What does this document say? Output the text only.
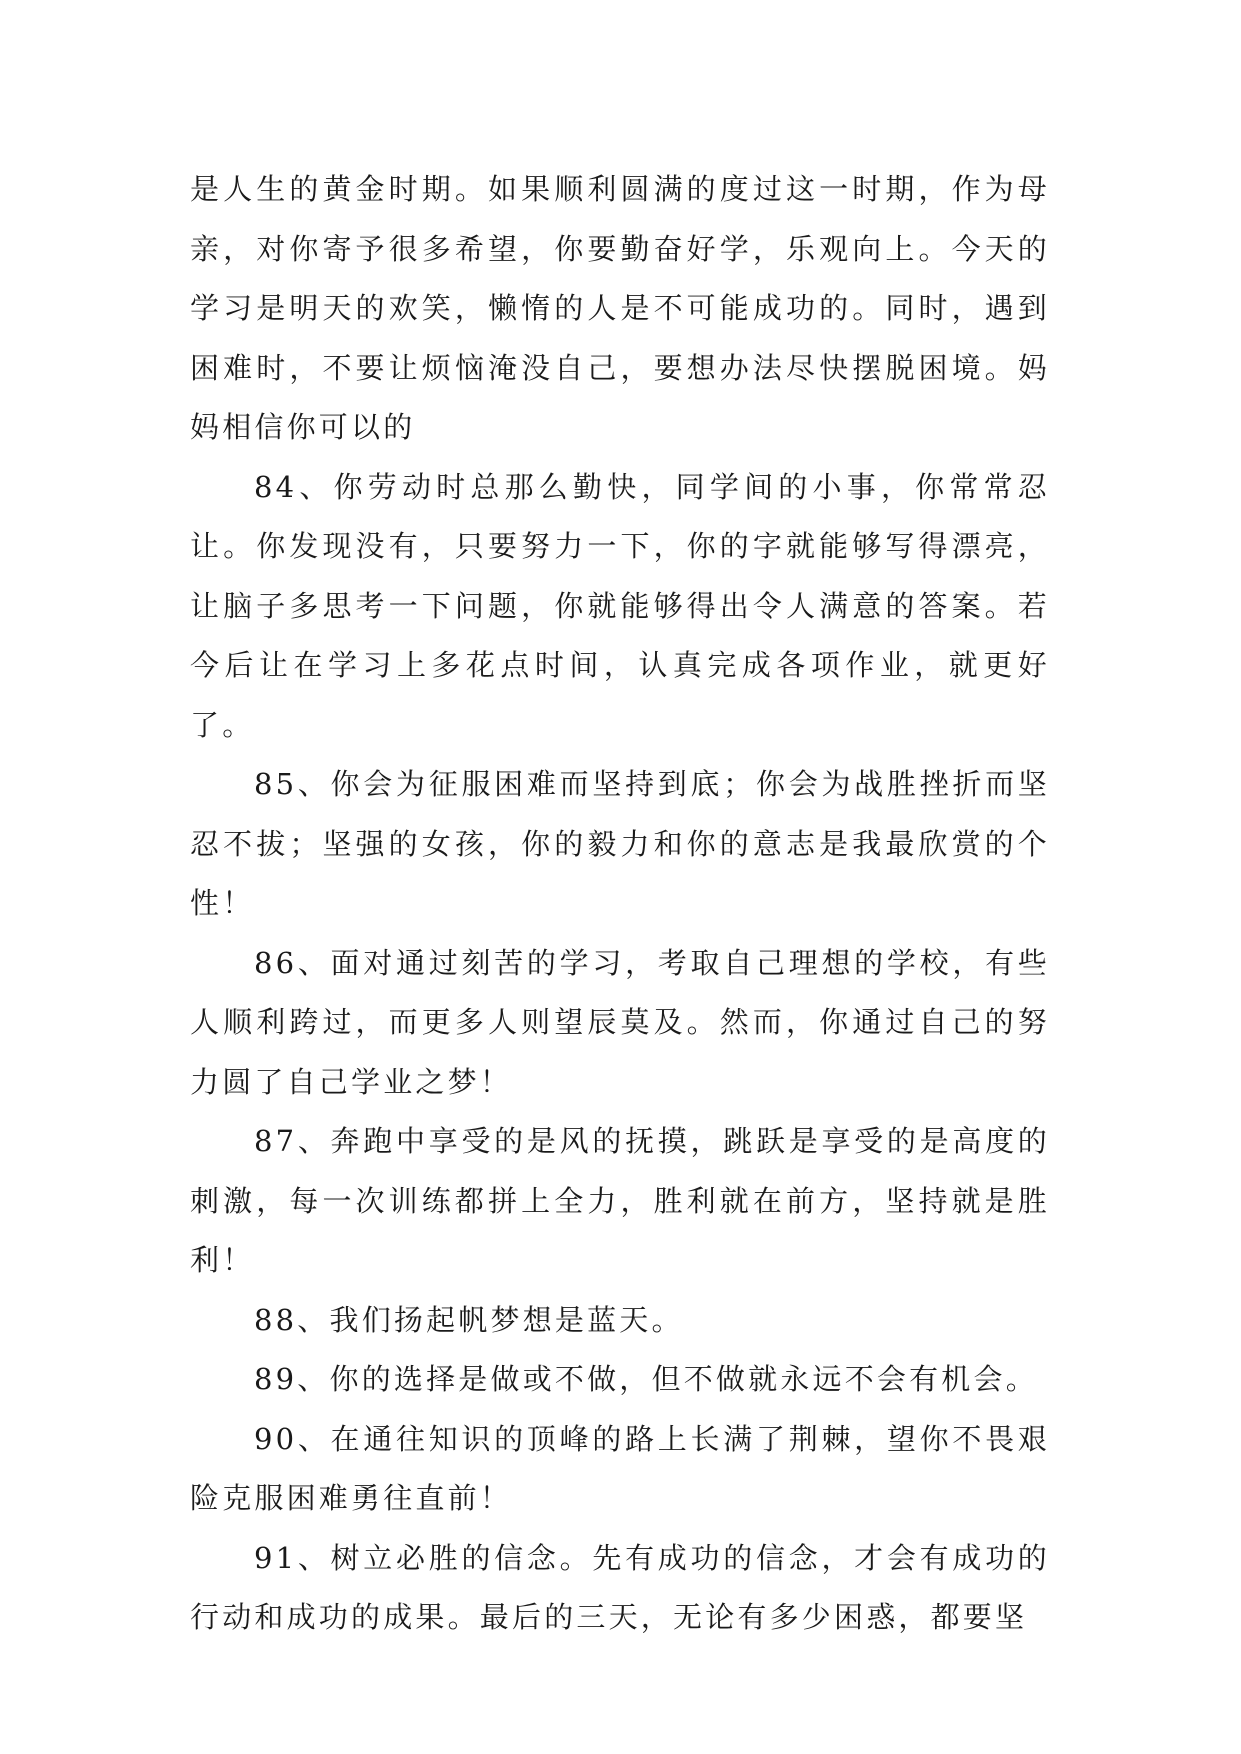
是人生的黄金时期。如果顺利圆满的度过这一时期，作为母亲，对你寄予很多希望，你要勤奋好学，乐观向上。今天的学习是明天的欢笑，懒惰的人是不可能成功的。同时，遇到困难时，不要让烦恼淹没自己，要想办法尽快摆脱困境。妈妈相信你可以的

84、你劳动时总那么勤快，同学间的小事，你常常忍让。你发现没有，只要努力一下，你的字就能够写得漂亮，让脑子多思考一下问题，你就能够得出令人满意的答案。若今后让在学习上多花点时间，认真完成各项作业，就更好了。

85、你会为征服困难而坚持到底；你会为战胜挫折而坚忍不拔；坚强的女孩，你的毅力和你的意志是我最欣赏的个性！

86、面对通过刻苦的学习，考取自己理想的学校，有些人顺利跨过，而更多人则望辰莫及。然而，你通过自己的努力圆了自己学业之梦！

87、奔跑中享受的是风的抚摸，跳跃是享受的是高度的刺激，每一次训练都拼上全力，胜利就在前方，坚持就是胜利！

88、我们扬起帆梦想是蓝天。

89、你的选择是做或不做，但不做就永远不会有机会。

90、在通往知识的顶峰的路上长满了荆棘，望你不畏艰险克服困难勇往直前！

91、树立必胜的信念。先有成功的信念，才会有成功的行动和成功的成果。最后的三天，无论有多少困惑，都要坚
